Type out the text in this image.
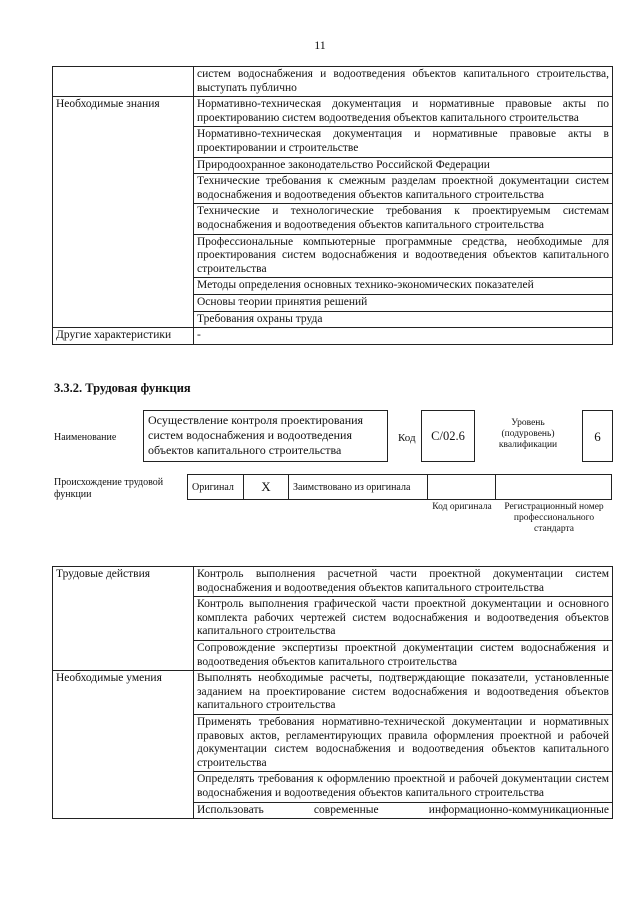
11
	систем водоснабжения и водоотведения объектов капитального строительства, выступать публично
Необходимые знания	Нормативно-техническая документация и нормативные правовые акты по проектированию систем водоотведения объектов капитального строительства
	Нормативно-техническая документация и нормативные правовые акты в проектировании и строительстве
	Природоохранное законодательство Российской Федерации
	Технические требования к смежным разделам проектной документации систем водоснабжения и водоотведения объектов капитального строительства
	Технические и технологические требования к проектируемым системам водоснабжения и водоотведения объектов капитального строительства
	Профессиональные компьютерные программные средства, необходимые для проектирования систем водоснабжения и водоотведения объектов капитального строительства
	Методы определения основных технико-экономических показателей
	Основы теории принятия решений
	Требования охраны труда
Другие характеристики	-
3.3.2. Трудовая функция
Наименование
Осуществление контроля проектирования систем водоснабжения и водоотведения объектов капитального строительства
Код	C/02.6
Уровень (подуровень) квалификации
6
Происхождение трудовой функции
Оригинал	X	Заимствовано из оригинала		
Код оригинала	Регистрационный номер профессионального стандарта
Трудовые действия	Контроль выполнения расчетной части проектной документации систем водоснабжения и водоотведения объектов капитального строительства
	Контроль выполнения графической части проектной документации и основного комплекта рабочих чертежей систем водоснабжения и водоотведения объектов капитального строительства
	Сопровождение экспертизы проектной документации систем водоснабжения и водоотведения объектов капитального строительства
Необходимые умения	Выполнять необходимые расчеты, подтверждающие показатели, установленные заданием на проектирование систем водоснабжения и водоотведения объектов капитального строительства
	Применять требования нормативно-технической документации и нормативных правовых актов, регламентирующих правила оформления проектной и рабочей документации систем водоснабжения и водоотведения объектов капитального строительства
	Определять требования к оформлению проектной и рабочей документации систем водоснабжения и водоотведения объектов капитального строительства
	Использовать современные информационно-коммуникационные
